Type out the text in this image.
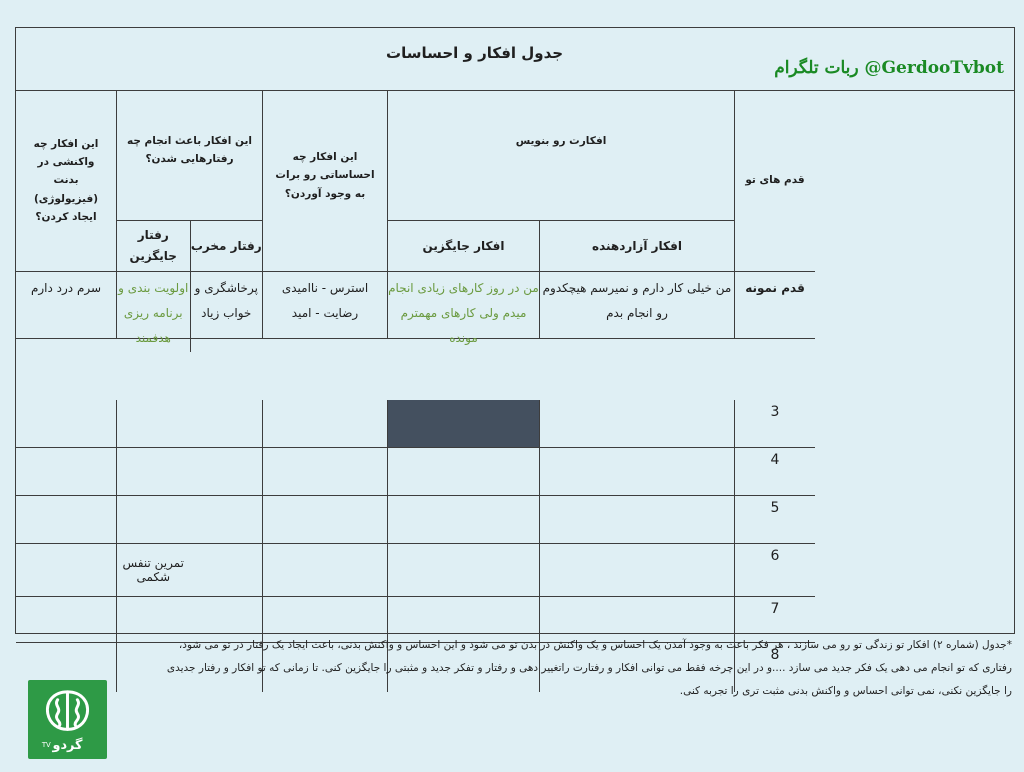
جدول افکار و احساسات
ربات تلگرام @GerdooTvbot
قدم های تو
افکارت رو بنویس
این افکار چه احساساتی رو برات به وجود آوردن؟
این افکار باعث انجام چه رفتارهایی شدن؟
این افکار چه واکنشی در بدنت (فیزیولوژی) ایجاد کردن؟
افکار آزاردهنده
افکار جایگزین
رفتار مخرب
رفتار جایگزین
قدم نمونه
من خیلی کار دارم و نمیرسم هیچکدوم رو انجام بدم
من در روز کارهای زیادی انجام میدم ولی کارهای مهمترم مونده
استرس - ناامیدی رضایت - امید
پرخاشگری و خواب زیاد
اولویت بندی و برنامه ریزی هدفمند
سرم درد دارم
3
4
5
6
تمرین تنفس شکمی
7
8
*جدول (شماره ۲) افکار تو زندگی تو رو می سازند ، هر فکر باعث به وجود آمدن یک احساس و یک واکنش در بدن تو می شود و این احساس و واکنش بدنی، باعث ایجاد یک رفتار در تو می شود،
رفتاری که تو انجام می دهی یک فکر جدید می سازد ....و در این چرخه فقط می توانی افکار و رفتارت راتغییر دهی و رفتار و تفکر جدید و مثبتی را جایگزین کنی. تا زمانی که تو افکار و رفتار جدیدی
را جایگزین نکنی، نمی توانی احساس و واکنش بدنی مثبت تری را تجربه کنی.
گردو
TV
